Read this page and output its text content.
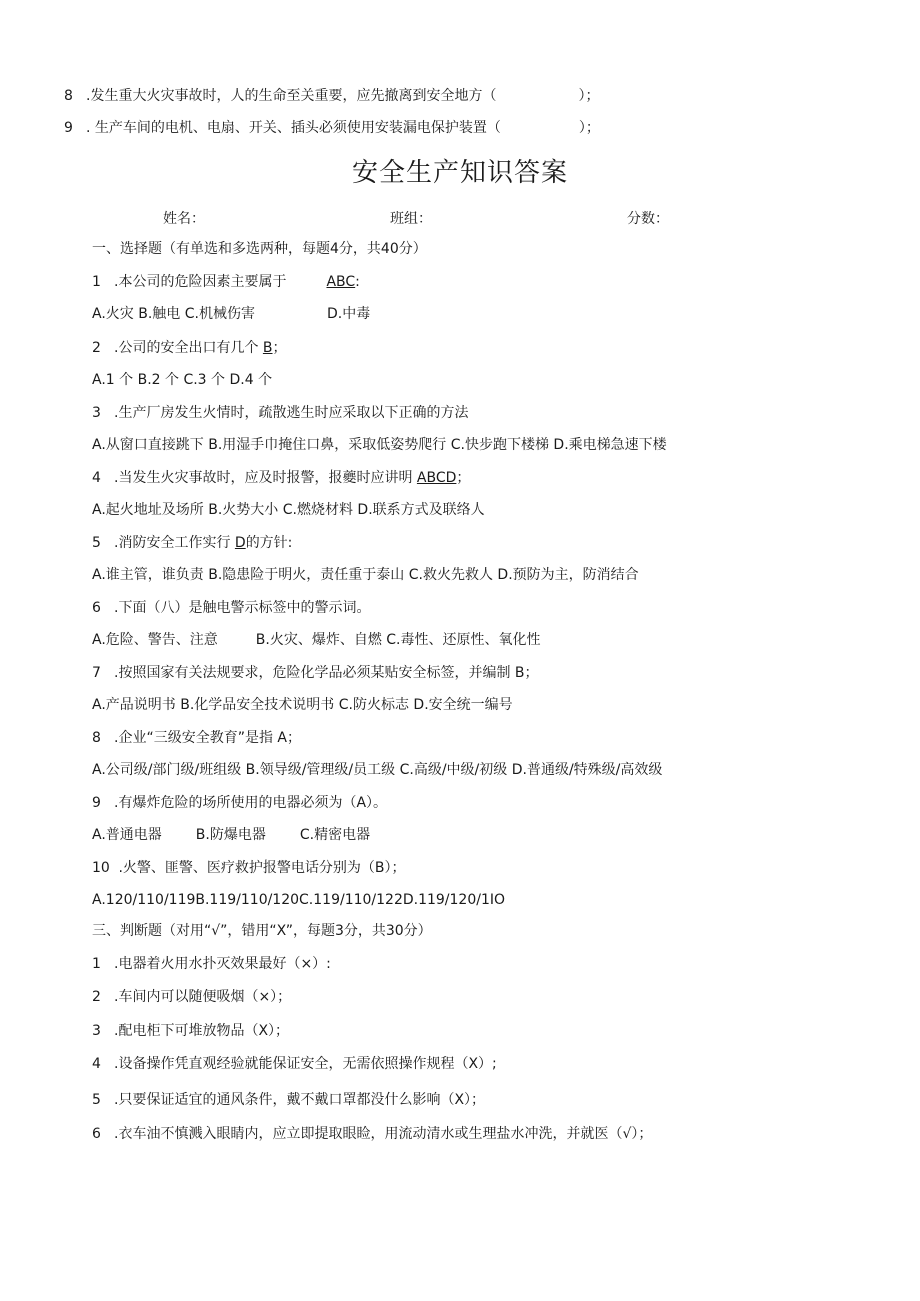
8 .发生重大火灾事故时，人的生命至关重要，应先撤离到安全地方（	）；
9 . 生产车间的电机、电扇、开关、插头必须使用安装漏电保护装置（	）；
安全生产知识答案
姓名：	班组：	分数：
一、选择题（有单选和多选两种，每题4分，共40分）
1 .本公司的危险因素主要属于	ABC:
A.火灾 B.触电 C.机械伤害	D.中毒
2 .公司的安全出口有几个 B；
A.1 个 B.2 个 C.3 个 D.4 个
3 .生产厂房发生火情时，疏散逃生时应采取以下正确的方法
A.从窗口直接跳下 B.用湿手巾掩住口鼻，采取低姿势爬行 C.快步跑下楼梯 D.乘电梯急速下楼
4 .当发生火灾事故时，应及时报警，报夔时应讲明 ABCD；
A.起火地址及场所 B.火势大小 C.燃烧材料 D.联系方式及联络人
5 .消防安全工作实行 D的方针:
A.谁主管，谁负责 B.隐患险于明火，责任重于泰山 C.救火先救人 D.预防为主，防消结合
6 .下面（八）是触电警示标签中的警示词。
A.危险、警告、注意	B.火灾、爆炸、自燃 C.毒性、还原性、氧化性
7 .按照国家有关法规要求，危险化学品必须某贴安全标签，并编制 B；
A.产品说明书 B.化学品安全技术说明书 C.防火标志 D.安全统一编号
8 .企业“三级安全教育”是指 A；
A.公司级/部门级/班组级 B.领导级/管理级/员工级 C.高级/中级/初级 D.普通级/特殊级/高效级
9 .有爆炸危险的场所使用的电器必须为（A）。
A.普通电器 B.防爆电器 C.精密电器
10 .火警、匪警、医疗救护报警电话分别为（B）；
A.120/110/119B.119/110/120C.119/110/122D.119/120/1IO
三、判断题（对用“√”，错用“X”，每题3分，共30分）
1 .电器着火用水扑灭效果最好（×）:
2 .车间内可以随便吸烟（×）；
3 .配电柜下可堆放物品（X）；
4 .设备操作凭直观经验就能保证安全，无需依照操作规程（X）;
5 .只要保证适宜的通风条件，戴不戴口罩都没什么影响（X）；
6 .衣车油不慎溅入眼睛内，应立即提取眼睑，用流动清水或生理盐水冲洗，并就医（√）；
